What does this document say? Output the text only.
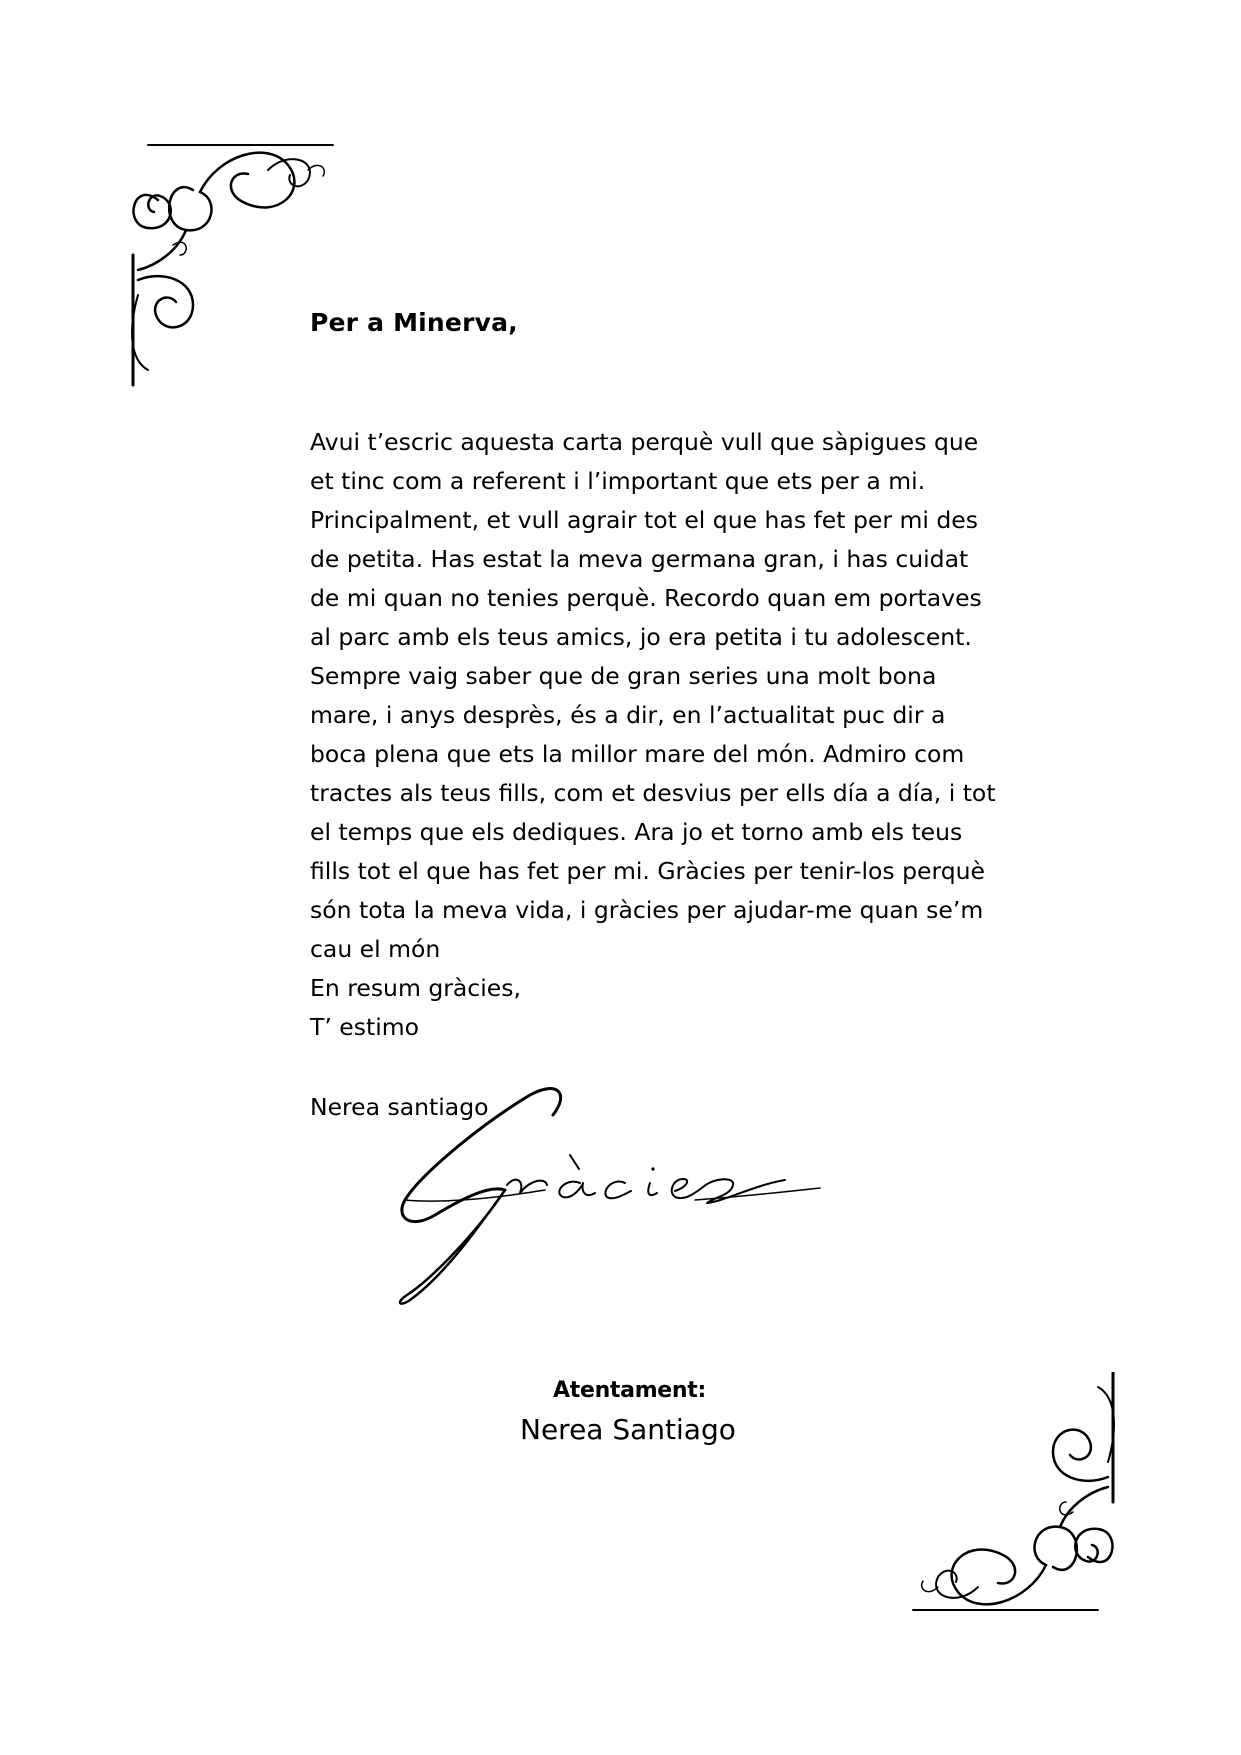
Per a Minerva,
Avui t’escric aquesta carta perquè vull que sàpigues que
et tinc com a referent i l’important que ets per a mi.
Principalment, et vull agrair tot el que has fet per mi des
de petita. Has estat la meva germana gran, i has cuidat
de mi quan no tenies perquè. Recordo quan em portaves
al parc amb els teus amics, jo era petita i tu adolescent.
Sempre vaig saber que de gran series una molt bona
mare, i anys desprès, és a dir, en l’actualitat puc dir a
boca plena que ets la millor mare del món. Admiro com
tractes als teus fills, com et desvius per ells día a día, i tot
el temps que els dediques. Ara jo et torno amb els teus
fills tot el que has fet per mi. Gràcies per tenir-los perquè
són tota la meva vida, i gràcies per ajudar-me quan se’m
cau el món
En resum gràcies,
T’ estimo

Nerea santiago

Atentament:

Nerea Santiago
